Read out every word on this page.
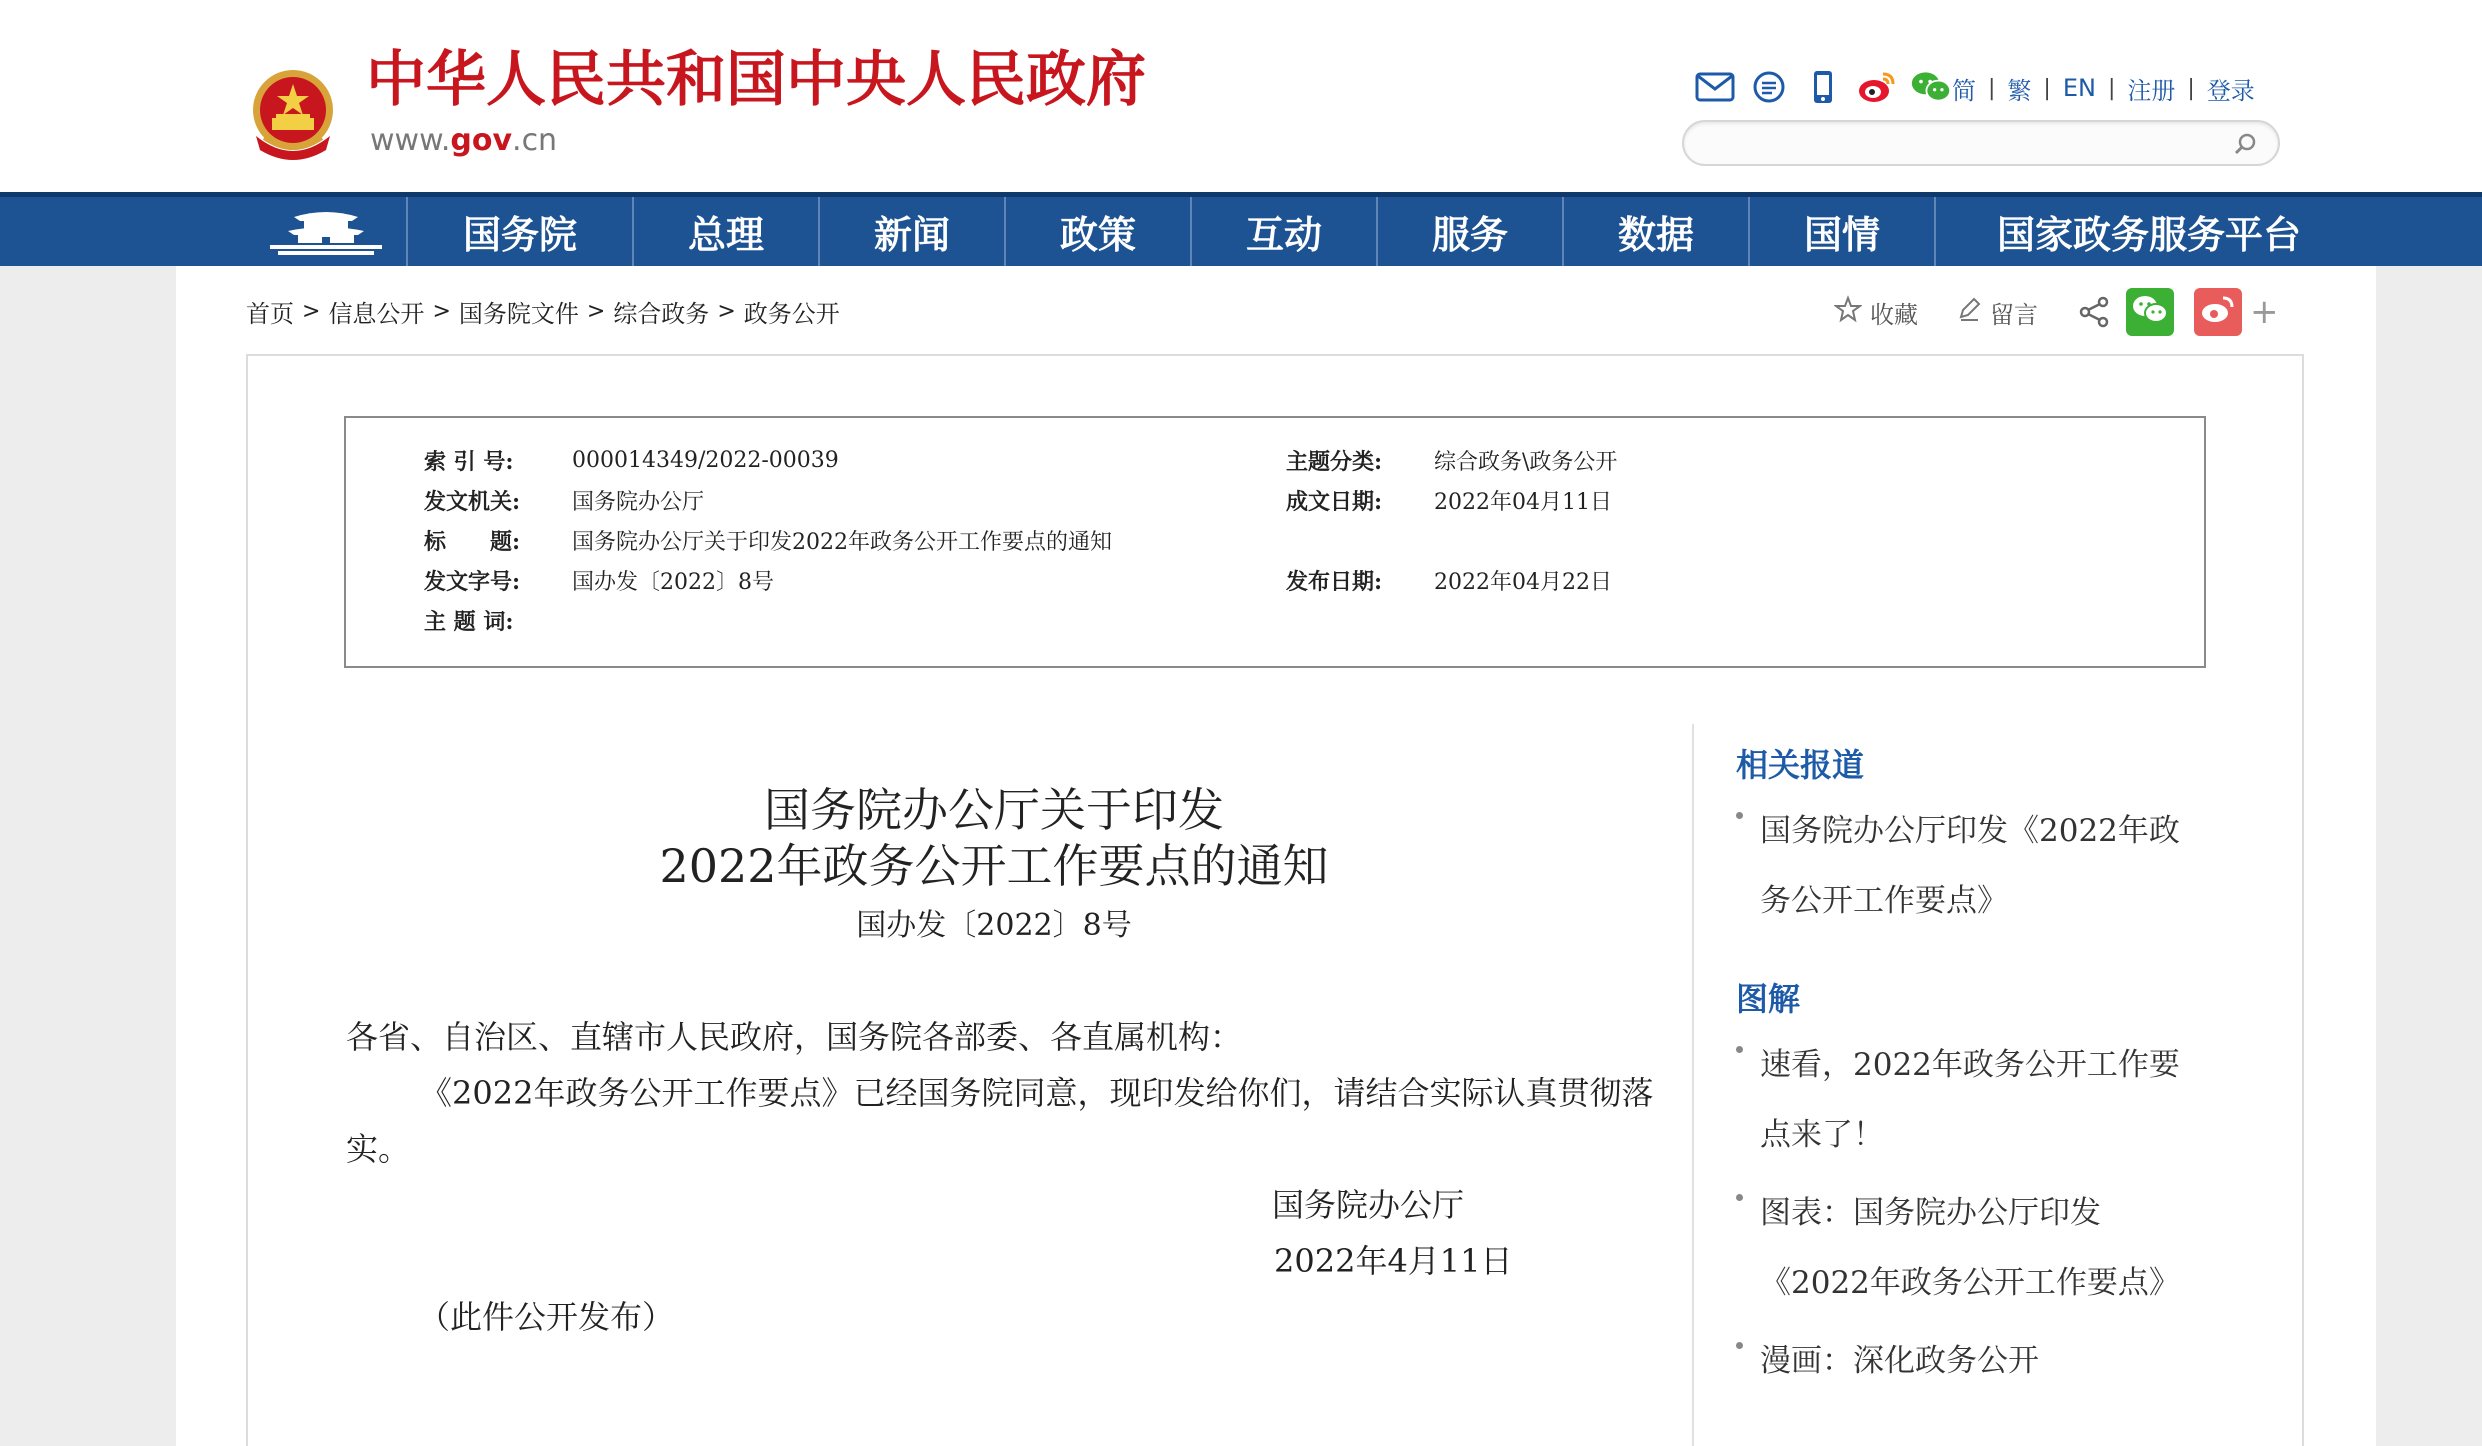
中华人民共和国中央人民政府
www.gov.cn
简 | 繁 | EN | 注册 | 登录
国务院	总理	新闻	政策	互动	服务	数据	国情	国家政务服务平台
首页 > 信息公开 > 国务院文件 > 综合政务 > 政务公开	收藏	留言	+
索 引 号:	000014349/2022-00039	主题分类: 综合政务\政务公开
发文机关: 国务院办公厅	成文日期: 2022年04月11日
标　　题: 国务院办公厅关于印发2022年政务公开工作要点的通知
发文字号: 国办发〔2022〕8号	发布日期: 2022年04月22日
主 题 词:
国务院办公厅关于印发
2022年政务公开工作要点的通知
国办发〔2022〕8号
各省、自治区、直辖市人民政府，国务院各部委、各直属机构：
《2022年政务公开工作要点》已经国务院同意，现印发给你们，请结合实际认真贯彻落
实。
国务院办公厅
2022年4月11日
（此件公开发布）
相关报道
国务院办公厅印发《2022年政
务公开工作要点》
图解
速看，2022年政务公开工作要
点来了！
图表：国务院办公厅印发
《2022年政务公开工作要点》
漫画：深化政务公开
